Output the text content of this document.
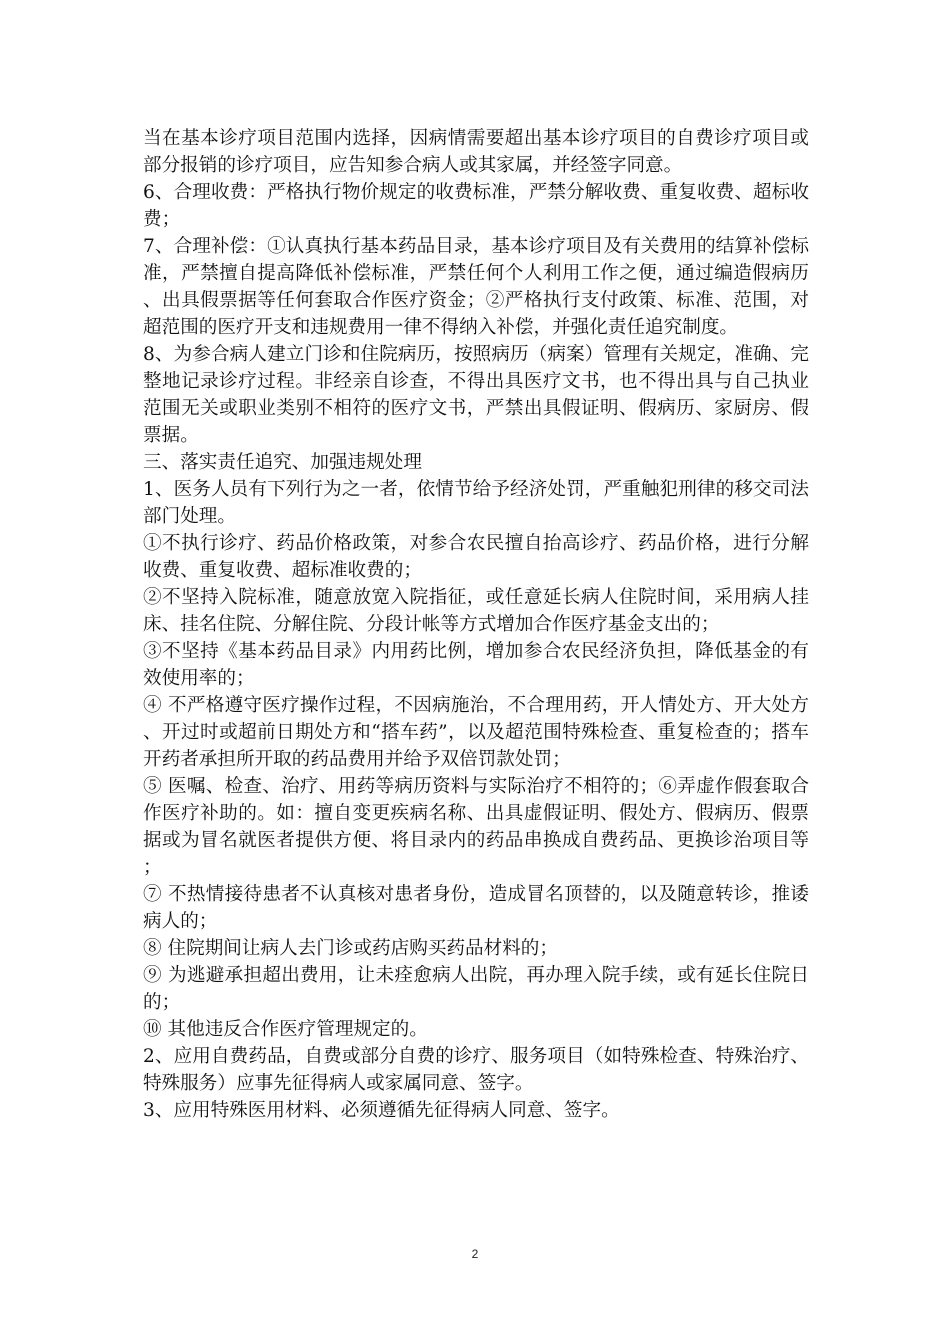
当在基本诊疗项目范围内选择，因病情需要超出基本诊疗项目的自费诊疗项目或部分报销的诊疗项目，应告知参合病人或其家属，并经签字同意。

6、合理收费：严格执行物价规定的收费标准，严禁分解收费、重复收费、超标收费；

7、合理补偿：①认真执行基本药品目录，基本诊疗项目及有关费用的结算补偿标准，严禁擅自提高降低补偿标准，严禁任何个人利用工作之便，通过编造假病历、出具假票据等任何套取合作医疗资金；②严格执行支付政策、标准、范围，对超范围的医疗开支和违规费用一律不得纳入补偿，并强化责任追究制度。

8、为参合病人建立门诊和住院病历，按照病历（病案）管理有关规定，准确、完整地记录诊疗过程。非经亲自诊查，不得出具医疗文书，也不得出具与自己执业范围无关或职业类别不相符的医疗文书，严禁出具假证明、假病历、家厨房、假票据。

三、落实责任追究、加强违规处理

1、医务人员有下列行为之一者，依情节给予经济处罚，严重触犯刑律的移交司法部门处理。

①不执行诊疗、药品价格政策，对参合农民擅自抬高诊疗、药品价格，进行分解收费、重复收费、超标准收费的；

②不坚持入院标准，随意放宽入院指征，或任意延长病人住院时间，采用病人挂床、挂名住院、分解住院、分段计帐等方式增加合作医疗基金支出的；

③不坚持《基本药品目录》内用药比例，增加参合农民经济负担，降低基金的有效使用率的；

④ 不严格遵守医疗操作过程，不因病施治，不合理用药，开人情处方、开大处方、开过时或超前日期处方和“搭车药”，以及超范围特殊检查、重复检查的；搭车开药者承担所开取的药品费用并给予双倍罚款处罚；

⑤ 医嘱、检查、治疗、用药等病历资料与实际治疗不相符的；⑥弄虚作假套取合作医疗补助的。如：擅自变更疾病名称、出具虚假证明、假处方、假病历、假票据或为冒名就医者提供方便、将目录内的药品串换成自费药品、更换诊治项目等；

⑦ 不热情接待患者不认真核对患者身份，造成冒名顶替的，以及随意转诊，推诿病人的；

⑧ 住院期间让病人去门诊或药店购买药品材料的；

⑨ 为逃避承担超出费用，让未痊愈病人出院，再办理入院手续，或有延长住院日的；

⑩ 其他违反合作医疗管理规定的。

2、应用自费药品，自费或部分自费的诊疗、服务项目（如特殊检查、特殊治疗、特殊服务）应事先征得病人或家属同意、签字。

3、应用特殊医用材料、必须遵循先征得病人同意、签字。

2
